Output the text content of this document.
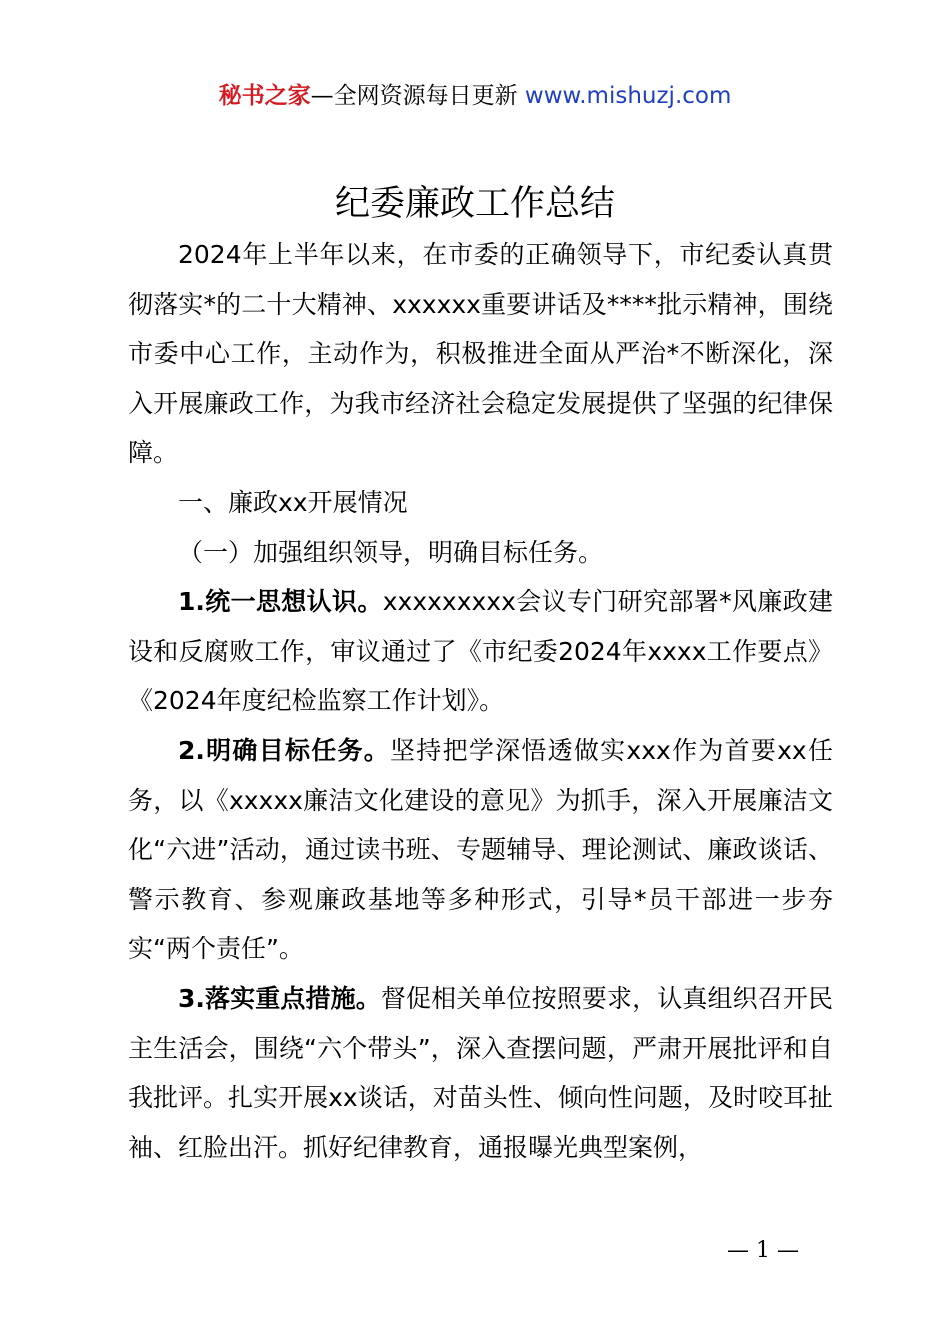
秘书之家—全网资源每日更新 www.mishuzj.com
纪委廉政工作总结

2024年上半年以来，在市委的正确领导下，市纪委认真贯彻落实*的二十大精神、xxxxxx重要讲话及****批示精神，围绕市委中心工作，主动作为，积极推进全面从严治*不断深化，深入开展廉政工作，为我市经济社会稳定发展提供了坚强的纪律保障。

一、廉政xx开展情况

（一）加强组织领导，明确目标任务。

1.统一思想认识。xxxxxxxxx会议专门研究部署*风廉政建设和反腐败工作，审议通过了《市纪委2024年xxxx工作要点》《2024年度纪检监察工作计划》。

2.明确目标任务。坚持把学深悟透做实xxx作为首要xx任务，以《xxxxx廉洁文化建设的意见》为抓手，深入开展廉洁文化“六进”活动，通过读书班、专题辅导、理论测试、廉政谈话、警示教育、参观廉政基地等多种形式，引导*员干部进一步夯实“两个责任”。

3.落实重点措施。督促相关单位按照要求，认真组织召开民主生活会，围绕“六个带头”，深入查摆问题，严肃开展批评和自我批评。扎实开展xx谈话，对苗头性、倾向性问题，及时咬耳扯袖、红脸出汗。抓好纪律教育，通报曝光典型案例，

— 1 —
